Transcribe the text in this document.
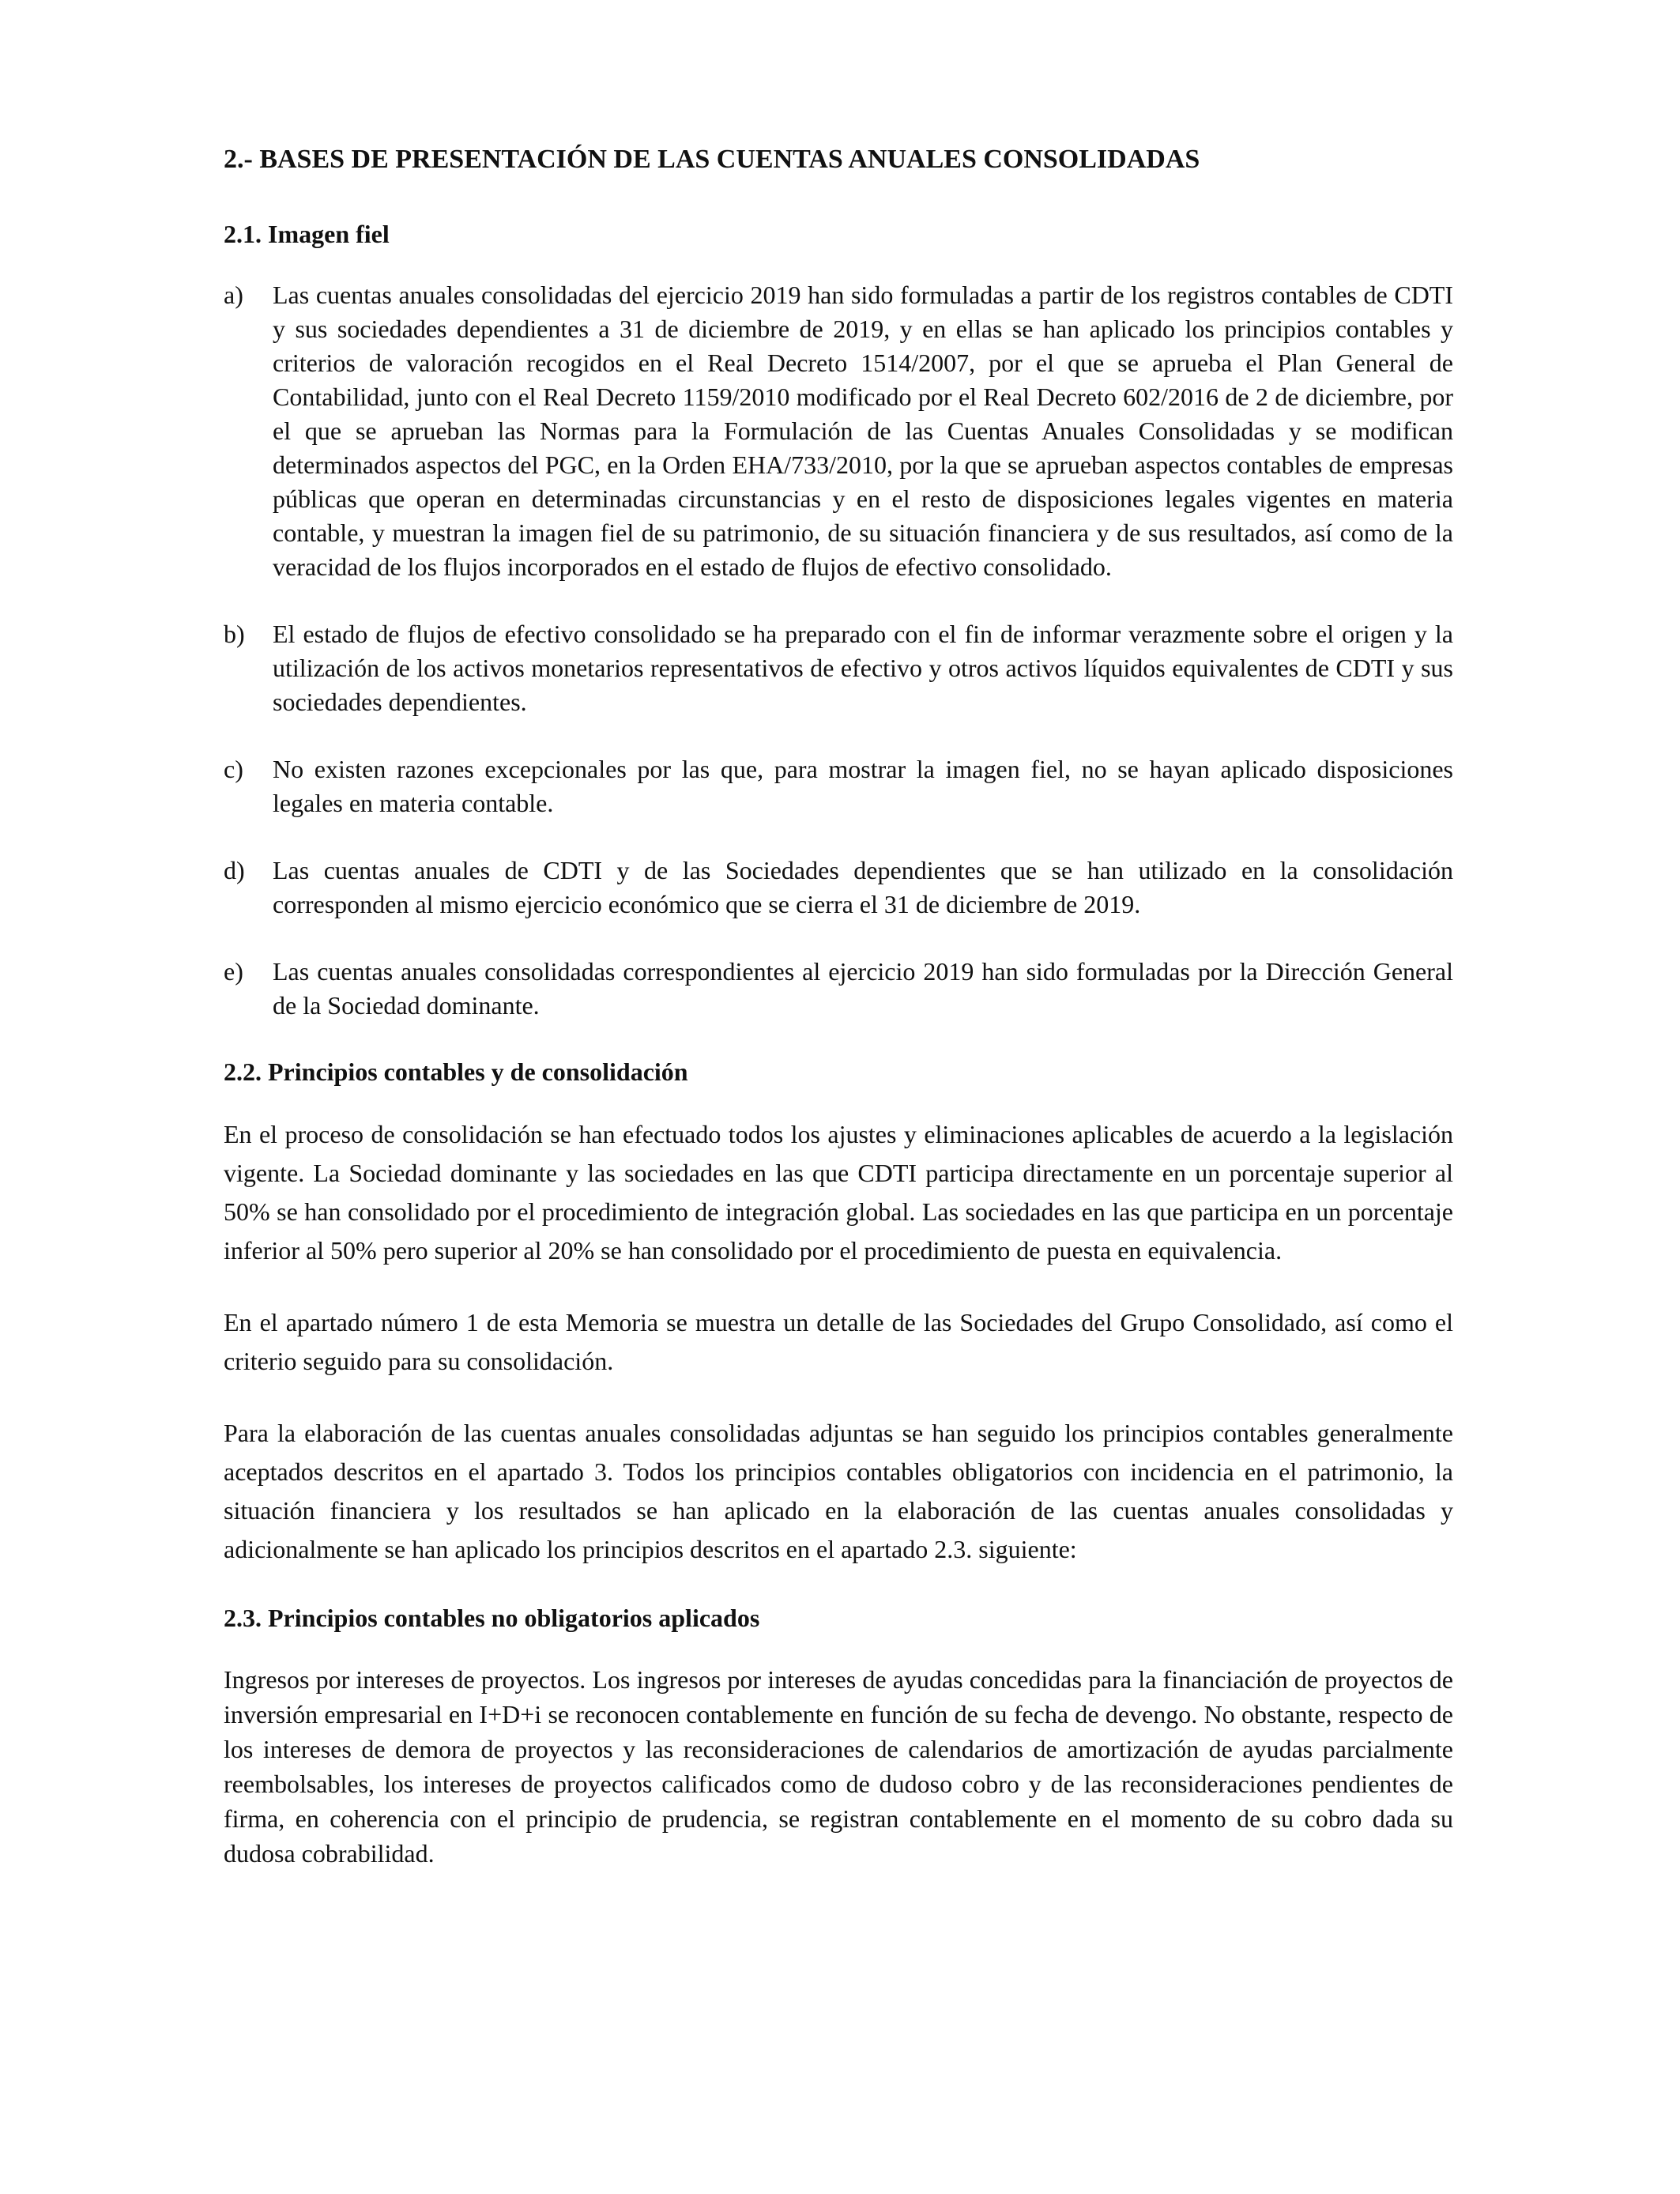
2.- BASES DE PRESENTACIÓN DE LAS CUENTAS ANUALES CONSOLIDADAS
2.1. Imagen fiel
a)	Las cuentas anuales consolidadas del ejercicio 2019 han sido formuladas a partir de los registros contables de CDTI y sus sociedades dependientes a 31 de diciembre de 2019, y en ellas se han aplicado los principios contables y criterios de valoración recogidos en el Real Decreto 1514/2007, por el que se aprueba el Plan General de Contabilidad, junto con el Real Decreto 1159/2010 modificado por el Real Decreto 602/2016 de 2 de diciembre, por el que se aprueban las Normas para la Formulación de las Cuentas Anuales Consolidadas y se modifican determinados aspectos del PGC, en la Orden EHA/733/2010, por la que se aprueban aspectos contables de empresas públicas que operan en determinadas circunstancias y en el resto de disposiciones legales vigentes en materia contable, y muestran la imagen fiel de su patrimonio, de su situación financiera y de sus resultados, así como de la veracidad de los flujos incorporados en el estado de flujos de efectivo consolidado.
b)	El estado de flujos de efectivo consolidado se ha preparado con el fin de informar verazmente sobre el origen y la utilización de los activos monetarios representativos de efectivo y otros activos líquidos equivalentes de CDTI y sus sociedades dependientes.
c)	No existen razones excepcionales por las que, para mostrar la imagen fiel, no se hayan aplicado disposiciones legales en materia contable.
d)	Las cuentas anuales de CDTI y de las Sociedades dependientes que se han utilizado en la consolidación corresponden al mismo ejercicio económico que se cierra el 31 de diciembre de 2019.
e)	Las cuentas anuales consolidadas correspondientes al ejercicio 2019 han sido formuladas por la Dirección General de la Sociedad dominante.
2.2. Principios contables y de consolidación

En el proceso de consolidación se han efectuado todos los ajustes y eliminaciones aplicables de acuerdo a la legislación vigente. La Sociedad dominante y las sociedades en las que CDTI participa directamente en un porcentaje superior al 50% se han consolidado por el procedimiento de integración global. Las sociedades en las que participa en un porcentaje inferior al 50% pero superior al 20% se han consolidado por el procedimiento de puesta en equivalencia.

En el apartado número 1 de esta Memoria se muestra un detalle de las Sociedades del Grupo Consolidado, así como el criterio seguido para su consolidación.

Para la elaboración de las cuentas anuales consolidadas adjuntas se han seguido los principios contables generalmente aceptados descritos en el apartado 3. Todos los principios contables obligatorios con incidencia en el patrimonio, la situación financiera y los resultados se han aplicado en la elaboración de las cuentas anuales consolidadas y adicionalmente se han aplicado los principios descritos en el apartado 2.3. siguiente:

2.3. Principios contables no obligatorios aplicados

Ingresos por intereses de proyectos. Los ingresos por intereses de ayudas concedidas para la financiación de proyectos de inversión empresarial en I+D+i se reconocen contablemente en función de su fecha de devengo. No obstante, respecto de los intereses de demora de proyectos y las reconsideraciones de calendarios de amortización de ayudas parcialmente reembolsables, los intereses de proyectos calificados como de dudoso cobro y de las reconsideraciones pendientes de firma, en coherencia con el principio de prudencia, se registran contablemente en el momento de su cobro dada su dudosa cobrabilidad.
